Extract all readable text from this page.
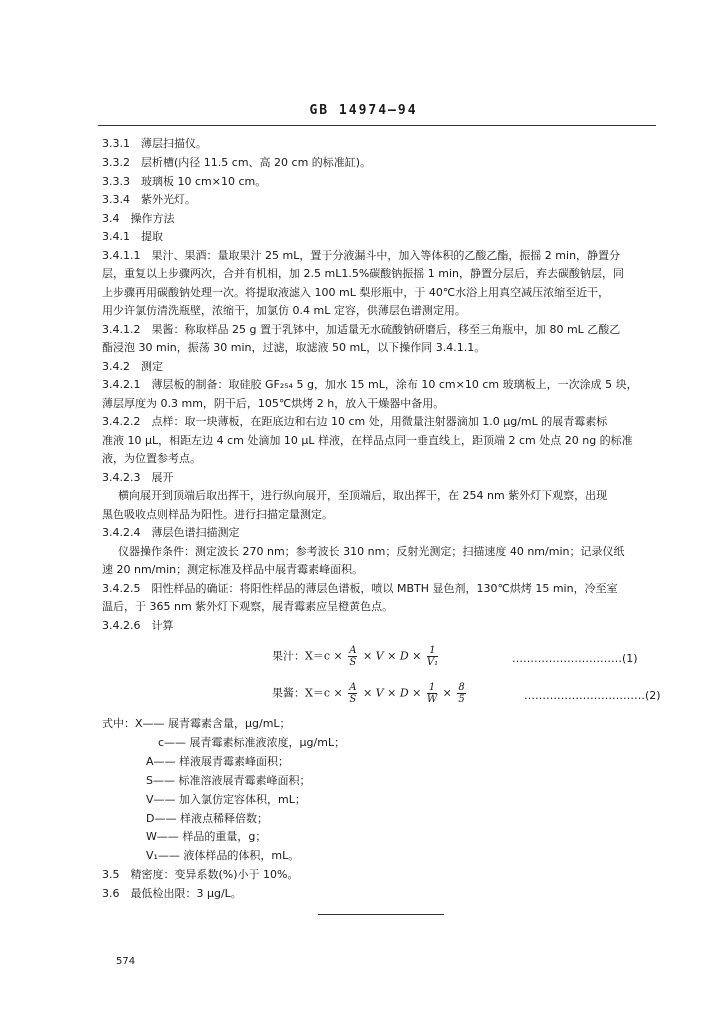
GB 14974—94
3.3.1　薄层扫描仪。
3.3.2　层析槽(内径 11.5 cm、高 20 cm 的标准缸)。
3.3.3　玻璃板 10 cm×10 cm。
3.3.4　紫外光灯。
3.4　操作方法
3.4.1　提取
3.4.1.1　果汁、果酒：量取果汁 25 mL，置于分液漏斗中，加入等体积的乙酸乙酯，振摇 2 min，静置分
层，重复以上步骤两次，合并有机相，加 2.5 mL1.5%碳酸钠振摇 1 min，静置分层后，弃去碳酸钠层，同
上步骤再用碳酸钠处理一次。将提取液滤入 100 mL 梨形瓶中，于 40℃水浴上用真空减压浓缩至近干，
用少许氯仿清洗瓶壁，浓缩干，加氯仿 0.4 mL 定容，供薄层色谱测定用。
3.4.1.2　果酱：称取样品 25 g 置于乳钵中，加适量无水硫酸钠研磨后，移至三角瓶中，加 80 mL 乙酸乙
酯浸泡 30 min，振荡 30 min，过滤，取滤液 50 mL，以下操作同 3.4.1.1。
3.4.2　测定
3.4.2.1　薄层板的制备：取硅胶 GF₂₅₄ 5 g，加水 15 mL，涂布 10 cm×10 cm 玻璃板上，一次涂成 5 块，
薄层厚度为 0.3 mm，阴干后，105℃烘烤 2 h，放入干燥器中备用。
3.4.2.2　点样：取一块薄板，在距底边和右边 10 cm 处，用微量注射器滴加 1.0 μg/mL 的展青霉素标
准液 10 μL，相距左边 4 cm 处滴加 10 μL 样液，在样品点同一垂直线上，距顶端 2 cm 处点 20 ng 的标准
液，为位置参考点。
3.4.2.3　展开
横向展开到顶端后取出挥干，进行纵向展开，至顶端后，取出挥干，在 254 nm 紫外灯下观察，出现
黑色吸收点则样品为阳性。进行扫描定量测定。
3.4.2.4　薄层色谱扫描测定
仪器操作条件：测定波长 270 nm；参考波长 310 nm；反射光测定；扫描速度 40 nm/min；记录仪纸
速 20 nm/min；测定标准及样品中展青霉素峰面积。
3.4.2.5　阳性样品的确证：将阳性样品的薄层色谱板，喷以 MBTH 显色剂，130℃烘烤 15 min，冷至室
温后，于 365 nm 紫外灯下观察，展青霉素应呈橙黄色点。
3.4.2.6　计算
果汁：$X=c \times \frac{A}{S} \times V \times D \times \frac{1}{\text{V₁}}$	…………………………(1)
果酱：$X=c \times \frac{A}{S} \times V \times D \times \frac{1}{W} \times \frac{8}{5}$	……………………………(2)
式中：X—— 展青霉素含量，μg/mL；
c—— 展青霉素标准液浓度，μg/mL；
A—— 样液展青霉素峰面积；
S—— 标准溶液展青霉素峰面积；
V—— 加入氯仿定容体积，mL；
D—— 样液点稀释倍数；
W—— 样品的重量，g；
V₁—— 液体样品的体积，mL。
3.5　精密度：变异系数(%)小于 10%。
3.6　最低检出限：3 μg/L。
574
